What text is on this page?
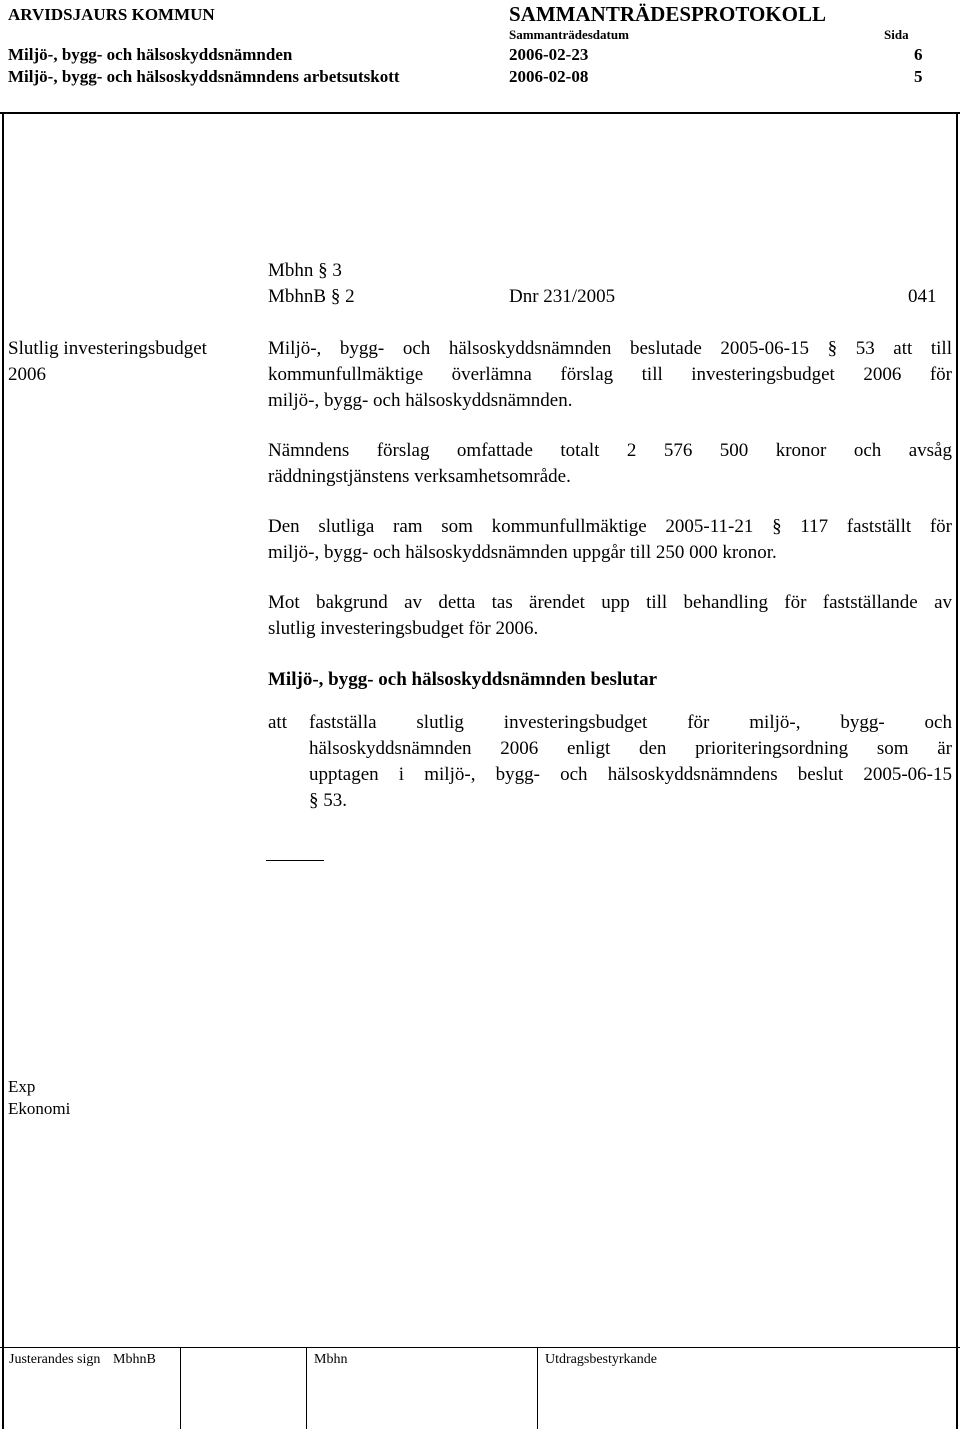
ARVIDSJAURS KOMMUN	SAMMANTRÄDESPROTOKOLL
Sammanträdesdatum	Sida
Miljö-, bygg- och hälsoskyddsnämnden	2006-02-23	6
Miljö-, bygg- och hälsoskyddsnämndens arbetsutskott	2006-02-08	5
Mbhn § 3
MbhnB § 2	Dnr 231/2005	041
Slutlig investeringsbudget
2006
Miljö-, bygg- och hälsoskyddsnämnden beslutade 2005-06-15 § 53 att till
kommunfullmäktige överlämna förslag till investeringsbudget 2006 för
miljö-, bygg- och hälsoskyddsnämnden.
Nämndens förslag omfattade totalt 2 576 500 kronor och avsåg
räddningstjänstens verksamhetsområde.
Den slutliga ram som kommunfullmäktige 2005-11-21 § 117 fastställt för
miljö-, bygg- och hälsoskyddsnämnden uppgår till 250 000 kronor.
Mot bakgrund av detta tas ärendet upp till behandling för fastställande av
slutlig investeringsbudget för 2006.
Miljö-, bygg- och hälsoskyddsnämnden beslutar
att fastställa slutlig investeringsbudget för miljö-, bygg- och
hälsoskyddsnämnden 2006 enligt den prioriteringsordning som är
upptagen i miljö-, bygg- och hälsoskyddsnämndens beslut 2005-06-15
§ 53.
Exp
Ekonomi
Justerandes sign MbhnB	Mbhn	Utdragsbestyrkande
